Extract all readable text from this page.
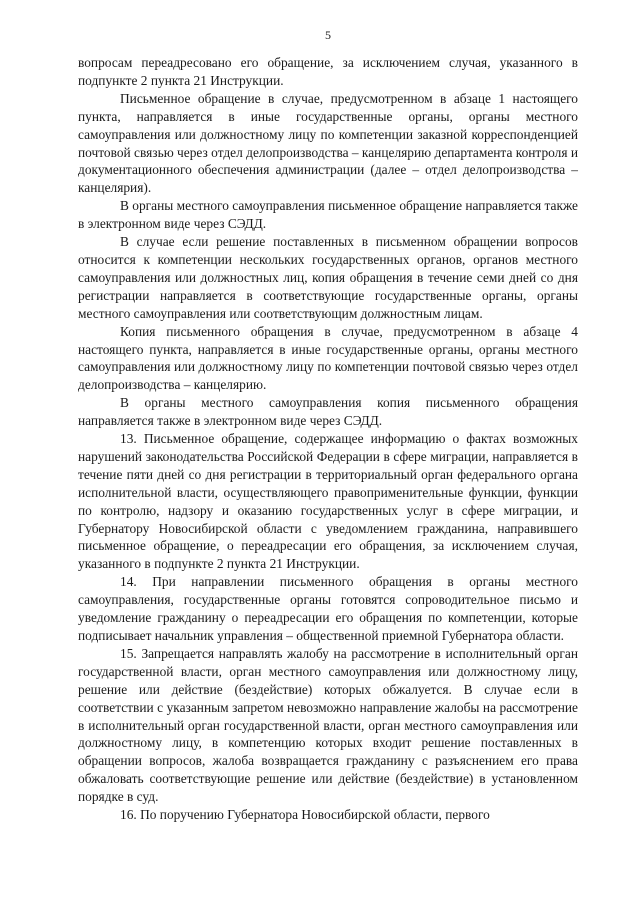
5

вопросам переадресовано его обращение, за исключением случая, указанного в подпункте 2 пункта 21 Инструкции.

Письменное обращение в случае, предусмотренном в абзаце 1 настоящего пункта, направляется в иные государственные органы, органы местного самоуправления или должностному лицу по компетенции заказной корреспонденцией почтовой связью через отдел делопроизводства – канцелярию департамента контроля и документационного обеспечения администрации (далее – отдел делопроизводства – канцелярия).

В органы местного самоуправления письменное обращение направляется также в электронном виде через СЭДД.

В случае если решение поставленных в письменном обращении вопросов относится к компетенции нескольких государственных органов, органов местного самоуправления или должностных лиц, копия обращения в течение семи дней со дня регистрации направляется в соответствующие государственные органы, органы местного самоуправления или соответствующим должностным лицам.

Копия письменного обращения в случае, предусмотренном в абзаце 4 настоящего пункта, направляется в иные государственные органы, органы местного самоуправления или должностному лицу по компетенции почтовой связью через отдел делопроизводства – канцелярию.

В органы местного самоуправления копия письменного обращения направляется также в электронном виде через СЭДД.

13. Письменное обращение, содержащее информацию о фактах возможных нарушений законодательства Российской Федерации в сфере миграции, направляется в течение пяти дней со дня регистрации в территориальный орган федерального органа исполнительной власти, осуществляющего правоприменительные функции, функции по контролю, надзору и оказанию государственных услуг в сфере миграции, и Губернатору Новосибирской области с уведомлением гражданина, направившего письменное обращение, о переадресации его обращения, за исключением случая, указанного в подпункте 2 пункта 21 Инструкции.

14. При направлении письменного обращения в органы местного самоуправления, государственные органы готовятся сопроводительное письмо и уведомление гражданину о переадресации его обращения по компетенции, которые подписывает начальник управления – общественной приемной Губернатора области.

15. Запрещается направлять жалобу на рассмотрение в исполнительный орган государственной власти, орган местного самоуправления или должностному лицу, решение или действие (бездействие) которых обжалуется. В случае если в соответствии с указанным запретом невозможно направление жалобы на рассмотрение в исполнительный орган государственной власти, орган местного самоуправления или должностному лицу, в компетенцию которых входит решение поставленных в обращении вопросов, жалоба возвращается гражданину с разъяснением его права обжаловать соответствующие решение или действие (бездействие) в установленном порядке в суд.

16. По поручению Губернатора Новосибирской области, первого
